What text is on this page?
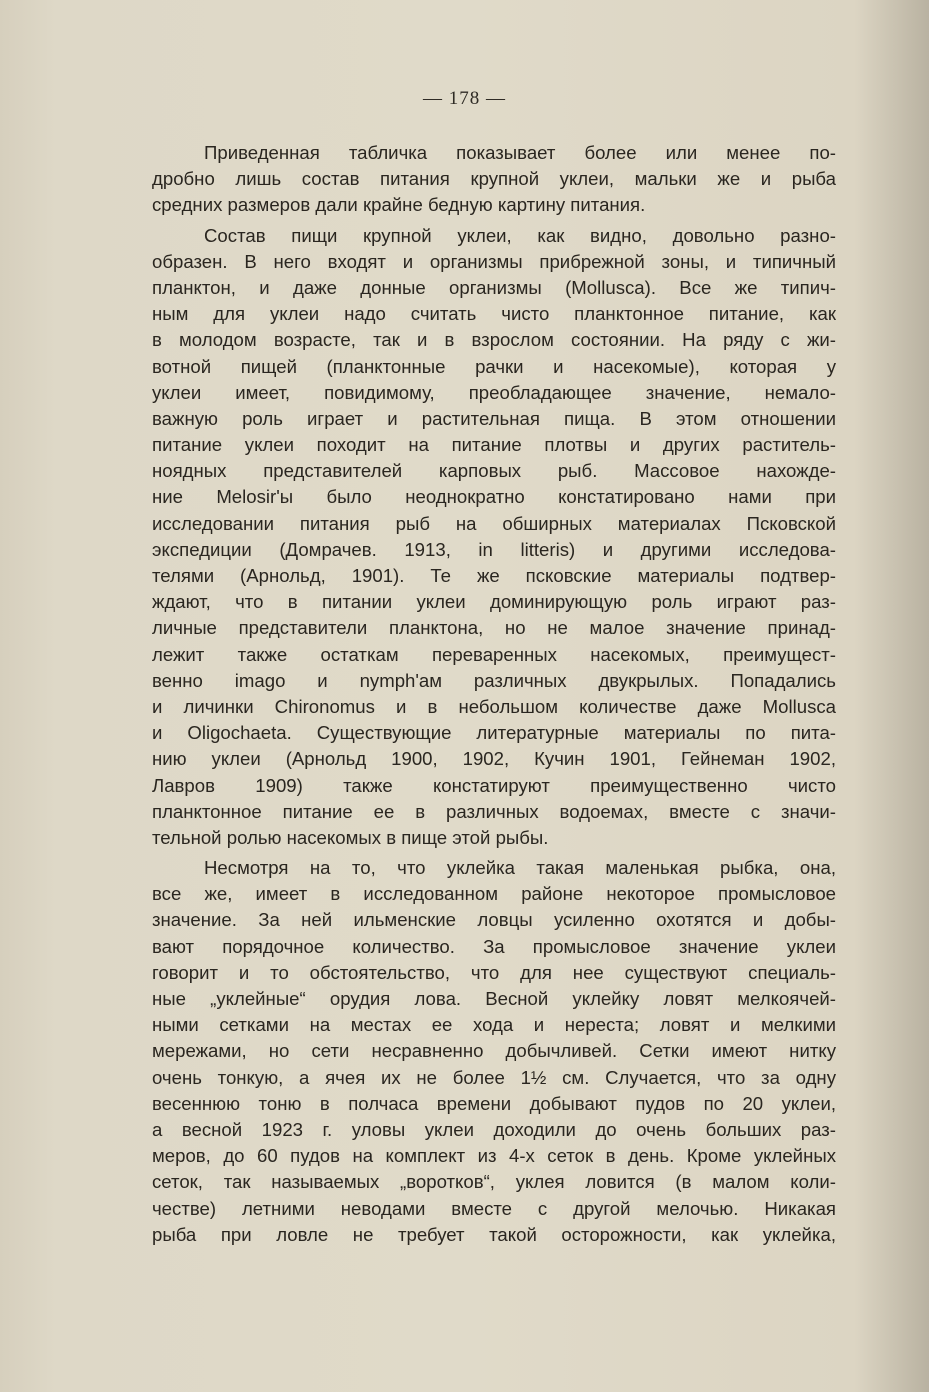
— 178 —

Приведенная табличка показывает более или менее по-
дробно лишь состав питания крупной уклеи, мальки же и рыба
средних размеров дали крайне бедную картину питания.

Состав пищи крупной уклеи, как видно, довольно разно-
образен. В него входят и организмы прибрежной зоны, и типичный
планктон, и даже донные организмы (Mollusca). Все же типич-
ным для уклеи надо считать чисто планктонное питание, как
в молодом возрасте, так и в взрослом состоянии. На ряду с жи-
вотной пищей (планктонные рачки и насекомые), которая у
уклеи имеет, повидимому, преобладающее значение, немало-
важную роль играет и растительная пища. В этом отношении
питание уклеи походит на питание плотвы и других раститель-
ноядных представителей карповых рыб. Массовое нахожде-
ние Melosir'ы было неоднократно констатировано нами при
исследовании питания рыб на обширных материалах Псковской
экспедиции (Домрачев. 1913, in litteris) и другими исследова-
телями (Арнольд, 1901). Те же псковские материалы подтвер-
ждают, что в питании уклеи доминирующую роль играют раз-
личные представители планктона, но не малое значение принад-
лежит также остаткам переваренных насекомых, преимущест-
венно imago и nymph'ам различных двукрылых. Попадались
и личинки Chironomus и в небольшом количестве даже Mollusca
и Oligochaeta. Существующие литературные материалы по пита-
нию уклеи (Арнольд 1900, 1902, Кучин 1901, Гейнеман 1902,
Лавров 1909) также констатируют преимущественно чисто
планктонное питание ее в различных водоемах, вместе с значи-
тельной ролью насекомых в пище этой рыбы.

Несмотря на то, что уклейка такая маленькая рыбка, она,
все же, имеет в исследованном районе некоторое промысловое
значение. За ней ильменские ловцы усиленно охотятся и добы-
вают порядочное количество. За промысловое значение уклеи
говорит и то обстоятельство, что для нее существуют специаль-
ные „уклейные“ орудия лова. Весной уклейку ловят мелкоячей-
ными сетками на местах ее хода и нереста; ловят и мелкими
мережами, но сети несравненно добычливей. Сетки имеют нитку
очень тонкую, а ячея их не более 1½ см. Случается, что за одну
весеннюю тоню в полчаса времени добывают пудов по 20 уклеи,
а весной 1923 г. уловы уклеи доходили до очень больших раз-
меров, до 60 пудов на комплект из 4-х сеток в день. Кроме уклейных
сеток, так называемых „воротков“, уклея ловится (в малом коли-
честве) летними неводами вместе с другой мелочью. Никакая
рыба при ловле не требует такой осторожности, как уклейка,
